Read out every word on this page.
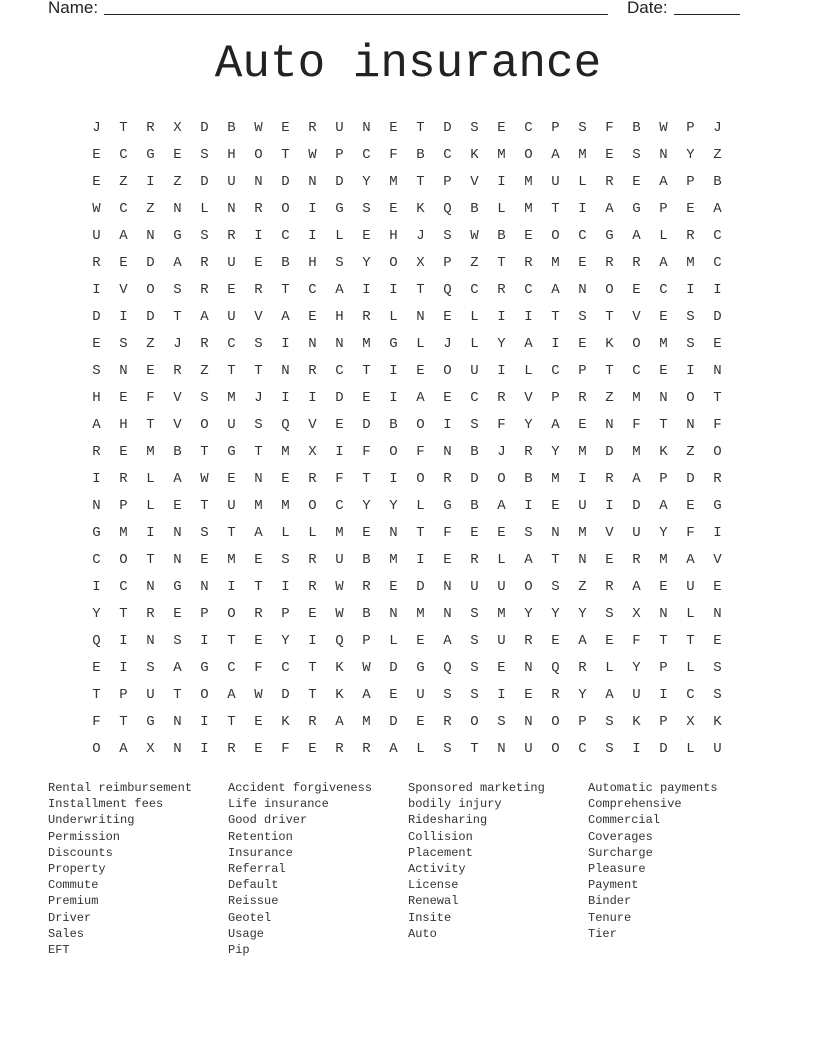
Name:	Date:
Auto insurance
J	T	R	X	D	B	W	E	R	U	N	E	T	D	S	E	C	P	S	F	B	W	P	J
E	C	G	E	S	H	O	T	W	P	C	F	B	C	K	M	O	A	M	E	S	N	Y	Z
E	Z	I	Z	D	U	N	D	N	D	Y	M	T	P	V	I	M	U	L	R	E	A	P	B
W	C	Z	N	L	N	R	O	I	G	S	E	K	Q	B	L	M	T	I	A	G	P	E	A
U	A	N	G	S	R	I	C	I	L	E	H	J	S	W	B	E	O	C	G	A	L	R	C
R	E	D	A	R	U	E	B	H	S	Y	O	X	P	Z	T	R	M	E	R	R	A	M	C
I	V	O	S	R	E	R	T	C	A	I	I	T	Q	C	R	C	A	N	O	E	C	I	I
D	I	D	T	A	U	V	A	E	H	R	L	N	E	L	I	I	T	S	T	V	E	S	D
E	S	Z	J	R	C	S	I	N	N	M	G	L	J	L	Y	A	I	E	K	O	M	S	E
S	N	E	R	Z	T	T	N	R	C	T	I	E	O	U	I	L	C	P	T	C	E	I	N
H	E	F	V	S	M	J	I	I	D	E	I	A	E	C	R	V	P	R	Z	M	N	O	T
A	H	T	V	O	U	S	Q	V	E	D	B	O	I	S	F	Y	A	E	N	F	T	N	F
R	E	M	B	T	G	T	M	X	I	F	O	F	N	B	J	R	Y	M	D	M	K	Z	O
I	R	L	A	W	E	N	E	R	F	T	I	O	R	D	O	B	M	I	R	A	P	D	R
N	P	L	E	T	U	M	M	O	C	Y	Y	L	G	B	A	I	E	U	I	D	A	E	G
G	M	I	N	S	T	A	L	L	M	E	N	T	F	E	E	S	N	M	V	U	Y	F	I
C	O	T	N	E	M	E	S	R	U	B	M	I	E	R	L	A	T	N	E	R	M	A	V
I	C	N	G	N	I	T	I	R	W	R	E	D	N	U	U	O	S	Z	R	A	E	U	E
Y	T	R	E	P	O	R	P	E	W	B	N	M	N	S	M	Y	Y	Y	S	X	N	L	N
Q	I	N	S	I	T	E	Y	I	Q	P	L	E	A	S	U	R	E	A	E	F	T	T	E
E	I	S	A	G	C	F	C	T	K	W	D	G	Q	S	E	N	Q	R	L	Y	P	L	S
T	P	U	T	O	A	W	D	T	K	A	E	U	S	S	I	E	R	Y	A	U	I	C	S
F	T	G	N	I	T	E	K	R	A	M	D	E	R	O	S	N	O	P	S	K	P	X	K
O	A	X	N	I	R	E	F	E	R	R	A	L	S	T	N	U	O	C	S	I	D	L	U
Rental reimbursement
Installment fees
Underwriting
Permission
Discounts
Property
Commute
Premium
Driver
Sales
EFT
Accident forgiveness
Life insurance
Good driver
Retention
Insurance
Referral
Default
Reissue
Geotel
Usage
Pip
Sponsored marketing
bodily injury
Ridesharing
Collision
Placement
Activity
License
Renewal
Insite
Auto
Automatic payments
Comprehensive
Commercial
Coverages
Surcharge
Pleasure
Payment
Binder
Tenure
Tier
